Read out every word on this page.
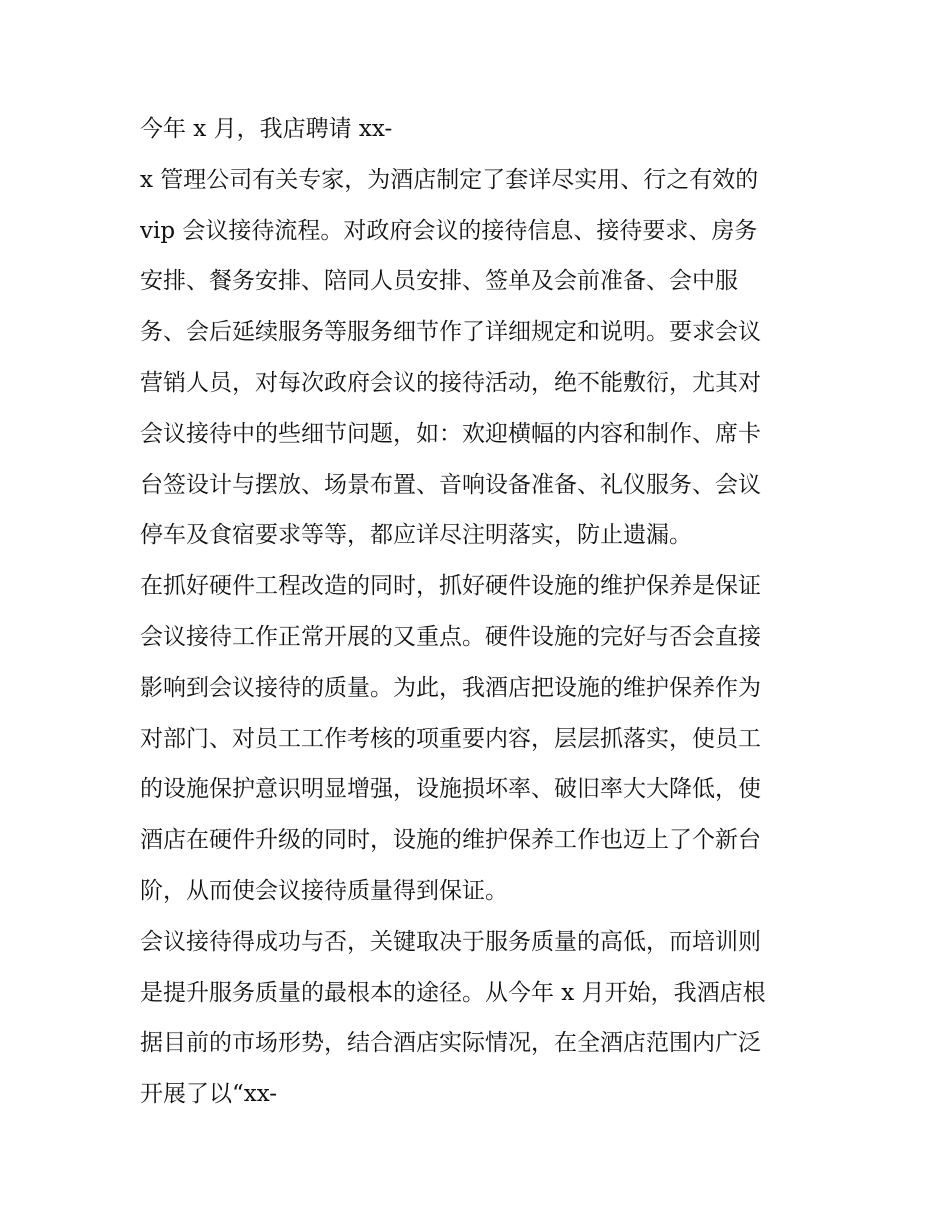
今年 x 月，我店聘请 xx-
x 管理公司有关专家，为酒店制定了套详尽实用、行之有效的
vip 会议接待流程。对政府会议的接待信息、接待要求、房务
安排、餐务安排、陪同人员安排、签单及会前准备、会中服
务、会后延续服务等服务细节作了详细规定和说明。要求会议
营销人员，对每次政府会议的接待活动，绝不能敷衍，尤其对
会议接待中的些细节问题，如：欢迎横幅的内容和制作、席卡
台签设计与摆放、场景布置、音响设备准备、礼仪服务、会议
停车及食宿要求等等，都应详尽注明落实，防止遗漏。
在抓好硬件工程改造的同时，抓好硬件设施的维护保养是保证
会议接待工作正常开展的又重点。硬件设施的完好与否会直接
影响到会议接待的质量。为此，我酒店把设施的维护保养作为
对部门、对员工工作考核的项重要内容，层层抓落实，使员工
的设施保护意识明显增强，设施损坏率、破旧率大大降低，使
酒店在硬件升级的同时，设施的维护保养工作也迈上了个新台
阶，从而使会议接待质量得到保证。
会议接待得成功与否，关键取决于服务质量的高低，而培训则
是提升服务质量的最根本的途径。从今年 x 月开始，我酒店根
据目前的市场形势，结合酒店实际情况，在全酒店范围内广泛
开展了以“xx-
